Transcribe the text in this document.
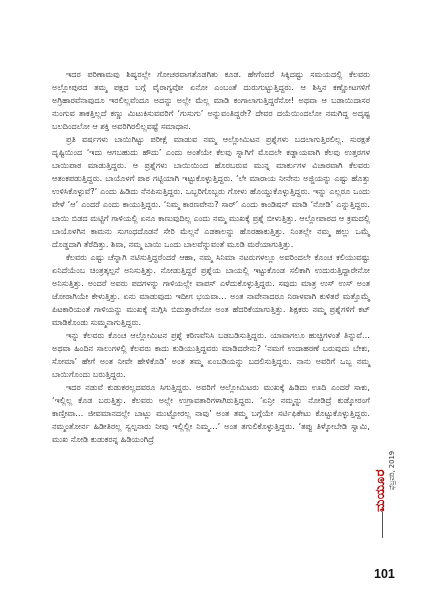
ಇದರ ಪರಿಣಾಮವು ಶಿಷ್ಯರಲ್ಲೇ ಗೋಚರವಾಗತೊಡಗಿತು ಕೂಡ. ಹೇಗೆಂದರೆ ಸಿಕ್ಕಿದಷ್ಟು ಸಮಯದಲ್ಲಿ ಕೆಲವರು ಅಲ್ಲೋಪುರದ ತಮ್ಮ ಪಕ್ಷದ ಬಗ್ಗೆ ವೈರಾಗ್ಯವೋ ಏನೋ ಎಂಬಂತೆ ದುರುಗುಟ್ಟುತ್ತಿದ್ದರು. ಆ ಶಿಸ್ತಿನ ಕಣ್ಣೋಟಗಳಿಗೆ ಅಗ್ರಿಹಾರವೆನಾವುದೂ ಇರಲಿಲ್ಲವೆಂದೂ ಅದನ್ನು ಅಲ್ಲೇ ಮೆಲ್ಲ ಮಾಡಿ ಕಂಗಾಲಾಗುತ್ತಿದ್ದರೆನೋ! ಅಥವಾ ಆ ಬಡಾಯಿದಾಸರ ನುಂಗುವ ತಾಕತ್ತಿಲ್ಲದೆ ಕಣ್ಣು ಮಿಟುಕಿಸುವವರಿಗೆ ‘ಗುಸುಗು’ ಅನ್ನುವಂತಿದ್ದರೇ? ದೇವರ ದಯೆಯಿಂದಲೋ ನಮಗಿದ್ದ ಅದೃಷ್ಟ ಬಲದಿಂದಲೋ ಆ ಶಕ್ತಿ ಅವರಿಗಿರಲಿಲ್ಲವಷ್ಟೆ ಸಮಾಧಾನ.

ಪ್ರತಿ ವರ್ಷಗಳು ಬಾಯಿಗಿಟ್ಟು ಪರೀಕ್ಷೆ ಮಾಡುವ ನಮ್ಮ ಆಲ್ಲೋಮಿಟನ ಪ್ರಶ್ನೆಗಳು ಬದಲಾಗುತ್ತಿರಲಿಲ್ಲ. ಸುರಕ್ಷತೆ ದೃಷ್ಟಿಯಿಂದ ‘ಇದು ಆಗಬಹುದು ಹೌದು’ ಎಂದು ಅಂತೆಯೇ ಕೆಲವು ಸ್ನಾಗಿಗೆ ಮೊದಲೇ ಕಡ್ಡಾಯವಾಗಿ ಕೆಲವು ಉತ್ತರಗಳ ಬಾಯಿಪಾಠ ಮಾಡುತ್ತಿದ್ದರು. ಆ ಪ್ರಶ್ನೆಗಳು ಬಾಯಿಯಿಂದ ಹೊರಬರುವ ಮುನ್ನ ಮಾರ್ಕುಗಳ ವಿಚಾರವಾಗಿ ಕೆಲವರು ಆತಂಕಪಡುತ್ತಿದ್ದರು. ಬಾಯೊಳಗೆ ಪಾಠ ಗಟ್ಟಿಯಾಗಿ ಇಟ್ಟುಕೊಳ್ಳುತ್ತಿದ್ದರು. ‘ಲೇ ಮಾರಾಯ ನೀನೇನು ಅಜ್ಜಿಯನ್ನು ಎಷ್ಟು ಹೊತ್ತು ಉಳಿಸಿಕೊಳ್ಳುವೆ?’ ಎಂದು ಹಿಡಿದು ನೆನಪಿಸುತ್ತಿದ್ದರು. ಒಬ್ಬರಿಗೊಬ್ಬರು ಗೋಳು ಹೊಯ್ದುಕೊಳ್ಳುತ್ತಿದ್ದರು. ಇನ್ನು ಎಲ್ಲರೂ ಒಂದು ವೇಳೆ ‘ಆ’ ಎಂದರೆ ಎಂದು ಕಾಯುತ್ತಿದ್ದರು. ‘ನಿಮ್ಮ ಕಾರಣವೇನು? ಸಾರ್’ ಎಂದು ಕಾಂಡಿಷನ್ ಮಾಡಿ ‘ನೋಡಿ’ ಎನ್ನುತ್ತಿದ್ದರು. ಬಾಯಿ ಬಿಡದ ಮಟ್ಟಿಗೆ ಗಾಳಿಯಲ್ಲಿ ಏನೂ ಕಾಣುವುದಿಲ್ಲ ಎಂದು ನಮ್ಮ ಮುಖಕ್ಕೆ ಪ್ರಶ್ನೆ ಬೀಳುತ್ತಿತ್ತು. ಆಲ್ಲೋಪಾಠದ ಆ ಕ್ರಮದಲ್ಲಿ ಬಾಯೊಳಗಿನ ಕಾಮನು ಸುಗಂಧದೊಡನೆ ಸೇರಿ ಮೆಲ್ಲನೆ ಎಡಕಾಲನ್ನು ಹೊರಹಾಕುತ್ತಿತ್ತು. ನಿಂತಲ್ಲೇ ನಮ್ಮ ಹಲ್ಲು ಒಮ್ಮೆ ದೊಡ್ಡದಾಗಿ ತೆರೆದಿತ್ತು. ಶಿವಾ, ನಮ್ಮ ಬಾಯಿ ಒಂದು ಬಾಲವೆನ್ನುವಂತೆ ಮೂಡಿ ಮರೆಯಾಗುತ್ತಿತ್ತು.

ಕೆಲವರು ಎಷ್ಟು ಚೆನ್ನಾಗಿ ನಟಿಸುತ್ತಿದ್ದರೆಂದರೆ ಆಹಾ, ನಮ್ಮ ಸಿನಿಮಾ ನಟರುಗಳಲ್ಲೂ ಅವರಿಂದಲೇ ಕೊಂಚ ಕಲಿಯುವಷ್ಟು ಏನಿದೆಯೆಂಬ ಚಿಂತ್ರತ್ಕಲ್ಪನೆ ಅನಿಸುತ್ತಿತ್ತು. ನೋಡುತ್ತಿದ್ದರೆ ಪ್ರಶ್ನೆಯ ಬಾಯಲ್ಲಿ ಇಟ್ಟುಕೊಂಡ ಸಲಿಕಾಗಿ ಉದುರುತ್ತಿದ್ದಾರೇನೋ ಅನಿಸುತ್ತಿತ್ತು. ಅಂದರೆ ಅವರು ಪದಗಳನ್ನು ಗಾಳಿಯಲ್ಲೇ ವಾಪಸ್ ಎಳೆದುಕೊಳ್ಳುತ್ತಿದ್ದರು. ಸವುದು ಮಾತ್ರ ಉಸ್ ಉಸ್ ಅಂತ ಜೋರಾಗಿಯೇ ಕೇಳುತ್ತಿತ್ತು. ಏನು ಮಾಡುವುದು ಇದೀಗ ಭಯವಾ… ಅಂತ ನಾವೇನಾದರೂ ನಿರಾಳವಾಗಿ ಕುಳಿತರೆ ಮತ್ತೊಮ್ಮೆ ಪಿಟಕಾರಿಯಂತೆ ಗಾಳಿಯನ್ನು ಮುಖಕ್ಕೆ ನುಗ್ಗಿಸಿ ಬಿದುತ್ತಾರೇನೋ ಅಂತ ಹೆದರಿಕೆಯಾಗುತ್ತಿತ್ತು. ಶಿಕ್ಷಕರು ನಮ್ಮ ಪ್ರಶ್ನೆಗಳಿಗೆ ಕಟ್ ಮಾಡಿಕೊಂಡು ಸುಮ್ಮನಾಗುತ್ತಿದ್ದರು.

ಇನ್ನು ಕೆಲವರು ಕೊಂಚ ಆಲ್ಲೋಮಿಟನ ಪ್ರಶ್ನೆ ಕಠಿಣವೆನಿಸಿ ಬಡಬಡಿಸುತ್ತಿದ್ದರು. ಯಾವಾಗಲೂ ಹುಚ್ಚಿಗಳಂತೆ ತಿನ್ನುವೆ… ಅಥವಾ ಹಿಂದಿನ ಸಾಲುಗಳಲ್ಲಿ ಕೆಲವರು ಕಾದು ಕುಡಿಯುತ್ತಿದ್ದವರು ಮಾಡಿದರೇನು? ‘ನಮಗೆ ಉದಾಹರಣೆ ಬರುವುದು ಬೇಕು, ಸೋಮಾ’ ಹೇಗೆ ಅಂತ ನೀವೇ ಹೇಳಿಕೊಡಿ’ ಅಂತ ತಮ್ಮ ಏಂಬಡಿಯನ್ನು ಬದಲಿಸುತ್ತಿದ್ದರು. ನಾನು ಅವರಿಗೆ ಒಬ್ಬ ನಮ್ಮ ಬಾಯಿಗೊಂದು ಬರುತ್ತಿದ್ದರು.

ಇದರ ನಡುವೆ ಕುಡುಕರಲ್ಲದವರೂ ಸಿಗುತ್ತಿದ್ದರು. ಅವರಿಗೆ ಆಲ್ಲೋಮಿಟರು ಮುಖಕ್ಕೆ ಹಿಡಿದು ಊದಿ ಎಂದರೆ ಸಾಕು, ‘ಇಲ್ಲಿಲ್ಲ ಕೊಡ ಬರುತ್ತಿತ್ತು. ಕೆಲವರು ಅಲ್ಲೇ ಉಗ್ರಾವತಾರಿಗಳಾಗಿರುತ್ತಿದ್ದರು. ‘ಏನ್ರೀ ನಮ್ಮನ್ನು ನೋಡಿದ್ರೆ ಕುಡ್ಕೋರಂಗೆ ಕಾಣ್ತೀವಾ… ಜೀವಮಾನದಲ್ಲೇ ಬಾಟ್ಲು ಮುಟ್ಟೋರಲ್ಲ ನಾವು’ ಅಂತ ತಮ್ಮ ಬಗ್ಗೆಯೇ ಸರ್ಟಿಫಿಕೇಟು ಕೊಟ್ಟುಕೊಳ್ಳುತ್ತಿದ್ದರು. ನಮ್ಮಂತೋರ್ನ ಹಿಡೀತಿರಲ್ಲ ಸ್ವಲ್ಪನಾರು ನೀವು ಇಲ್ಲಿಲ್ಲೀ ನಿಮ್ಮ…’ ಅಂತ ತಗುಲಿಕೊಳ್ಳುತ್ತಿದ್ದರು. ‘ತಪ್ಪು ತಿಳ್ಕೋಬೇಡಿ ಸ್ವಾಮಿ, ಮುಖ ನೋಡಿ ಕುಡುಕರನ್ನ ಹಿಡಿಯಂಗಿದ್ರೆ

ಫೆಬ್ರವರಿ, 2019
ಮಯೂರ
101
